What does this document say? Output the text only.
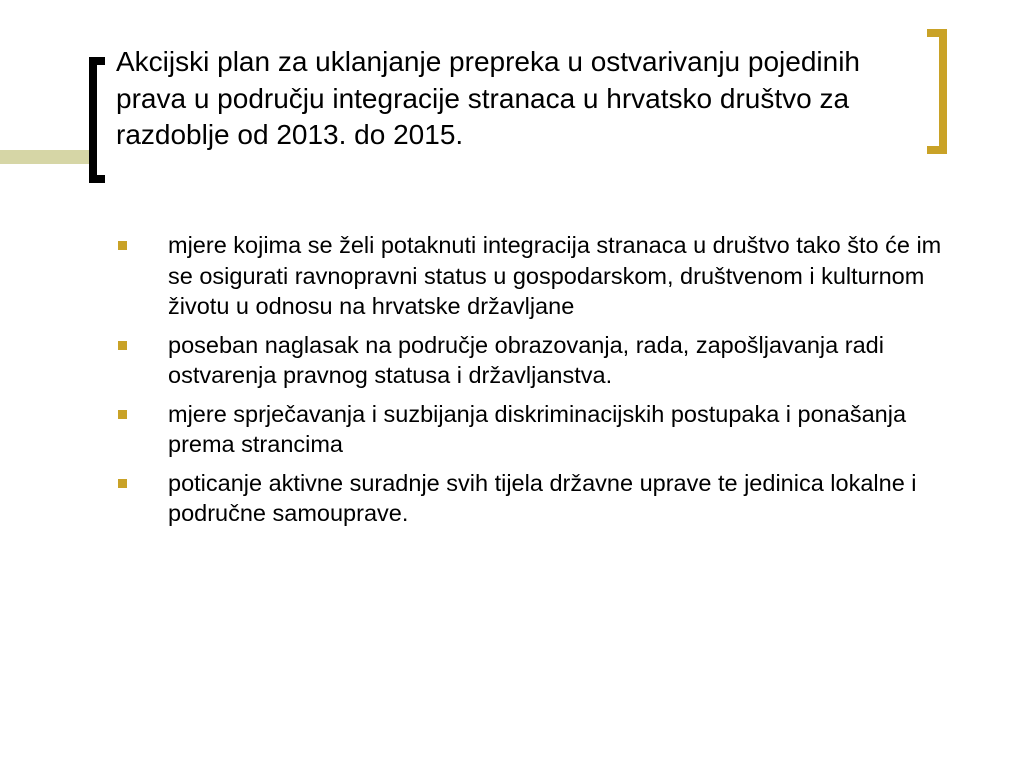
Akcijski plan za uklanjanje prepreka u ostvarivanju pojedinih prava u području integracije stranaca u hrvatsko društvo za razdoblje od 2013. do 2015.
mjere kojima se želi potaknuti integracija stranaca u društvo tako što će im se osigurati ravnopravni status u gospodarskom, društvenom i kulturnom životu u odnosu na hrvatske državljane
poseban naglasak na područje obrazovanja, rada, zapošljavanja radi ostvarenja pravnog statusa i državljanstva.
mjere sprječavanja i suzbijanja diskriminacijskih postupaka i ponašanja prema strancima
poticanje aktivne suradnje svih tijela državne uprave te jedinica lokalne i područne samouprave.
